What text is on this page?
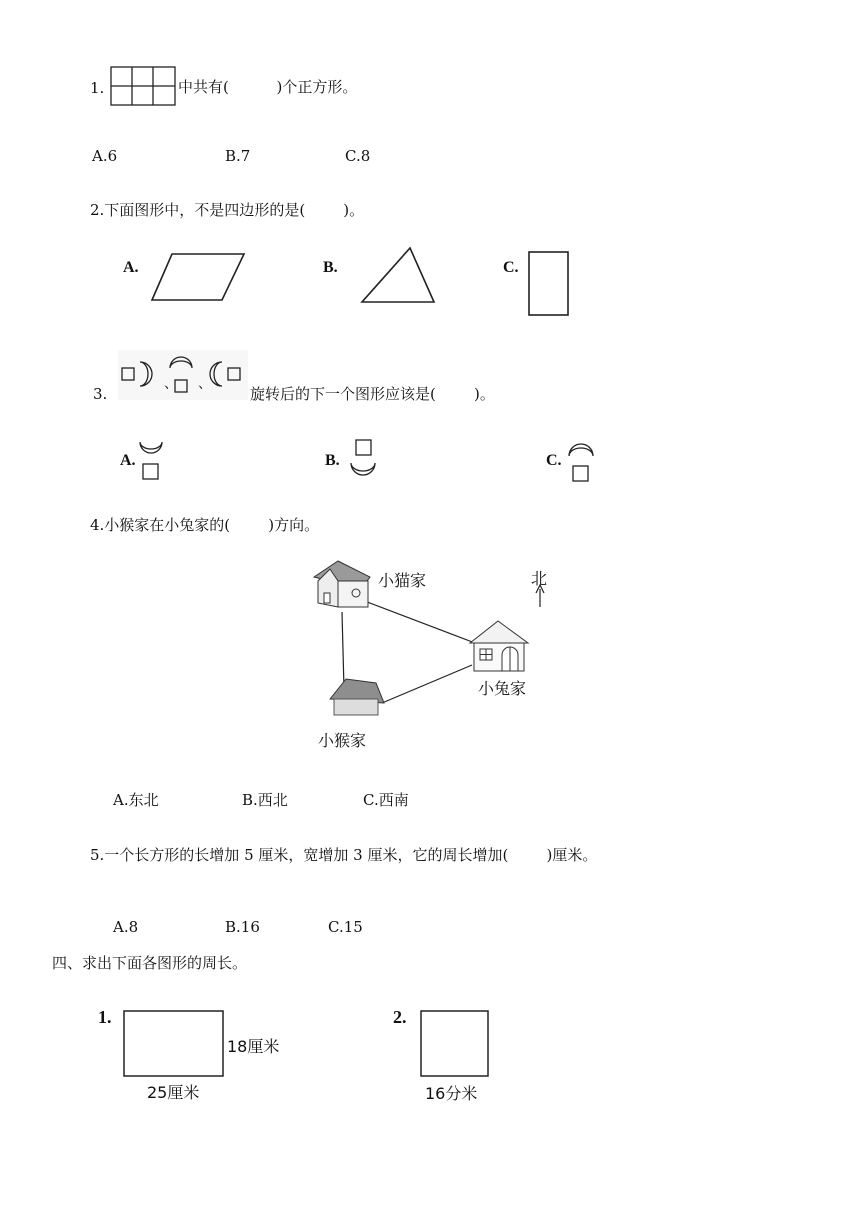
1.	中共有(          )个正方形。
A.6	B.7	C.8
2.下面图形中，不是四边形的是(        )。
A.	B.	C.
3.
、 、
旋转后的下一个图形应该是(        )。
A.	B.	C.
4.小猴家在小兔家的(        )方向。
小猫家
小兔家
小猴家
北
A.东北	B.西北	C.西南
5.一个长方形的长增加 5 厘米，宽增加 3 厘米，它的周长增加(        )厘米。
A.8	B.16	C.15
四、求出下面各图形的周长。
1.
18厘米
25厘米
2.
16分米
